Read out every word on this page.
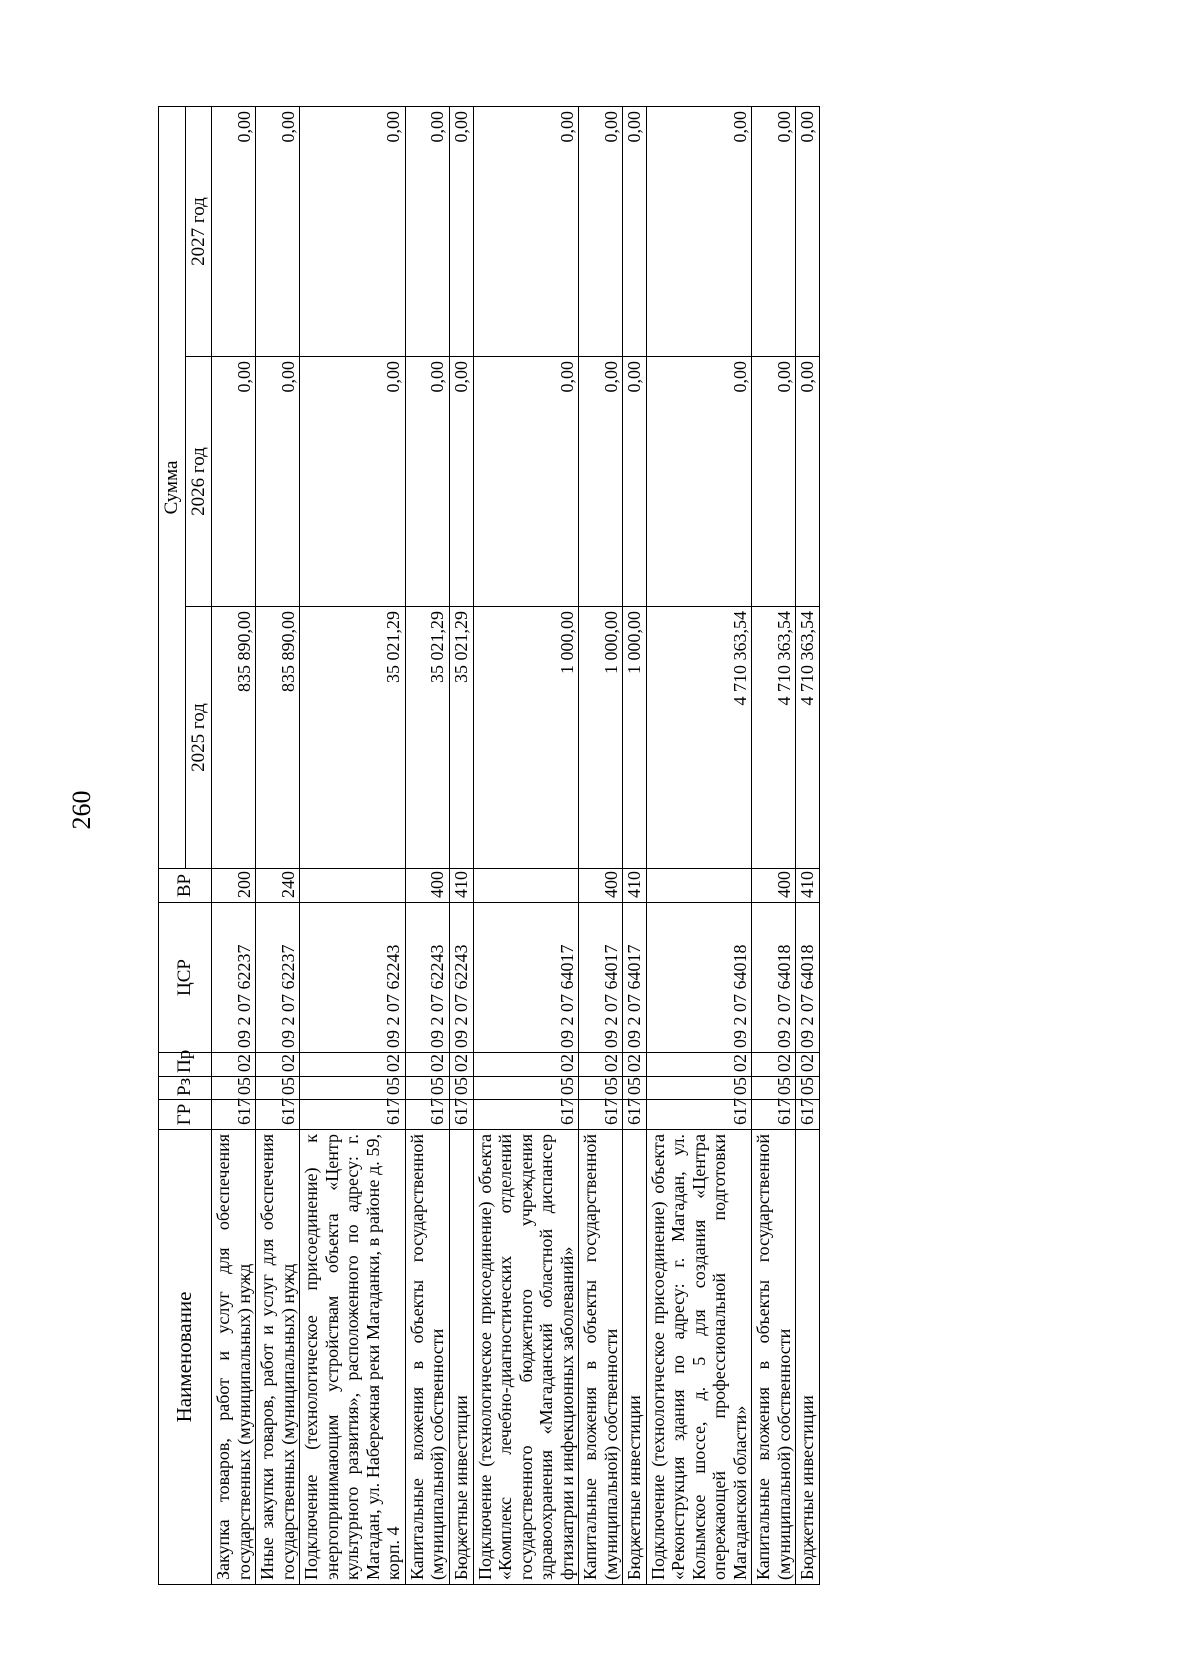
260
Наименование	ГР	Рз	Пр	ЦСР	ВР	Сумма		
						2025 год	2026 год	2027 год
Закупка товаров, работ и услуг для обеспечения государственных (муниципальных) нужд	617	05	02	09 2 07 62237	200	835 890,00	0,00	0,00
Иные закупки товаров, работ и услуг для обеспечения государственных (муниципальных) нужд	617	05	02	09 2 07 62237	240	835 890,00	0,00	0,00
Подключение (технологическое присоединение) к энергопринимающим устройствам объекта «Центр культурного развития», расположенного по адресу: г. Магадан, ул. Набережная реки Магаданки, в районе д. 59, корп. 4	617	05	02	09 2 07 62243		35 021,29	0,00	0,00
Капитальные вложения в объекты государственной (муниципальной) собственности	617	05	02	09 2 07 62243	400	35 021,29	0,00	0,00
Бюджетные инвестиции	617	05	02	09 2 07 62243	410	35 021,29	0,00	0,00
Подключение (технологическое присоединение) объекта «Комплекс лечебно-диагностических отделений государственного бюджетного учреждения здравоохранения «Магаданский областной диспансер фтизиатрии и инфекционных заболеваний»	617	05	02	09 2 07 64017		1 000,00	0,00	0,00
Капитальные вложения в объекты государственной (муниципальной) собственности	617	05	02	09 2 07 64017	400	1 000,00	0,00	0,00
Бюджетные инвестиции	617	05	02	09 2 07 64017	410	1 000,00	0,00	0,00
Подключение (технологическое присоединение) объекта «Реконструкция здания по адресу: г. Магадан, ул. Колымское шоссе, д. 5 для создания «Центра опережающей профессиональной подготовки Магаданской области»	617	05	02	09 2 07 64018		4 710 363,54	0,00	0,00
Капитальные вложения в объекты государственной (муниципальной) собственности	617	05	02	09 2 07 64018	400	4 710 363,54	0,00	0,00
Бюджетные инвестиции	617	05	02	09 2 07 64018	410	4 710 363,54	0,00	0,00
